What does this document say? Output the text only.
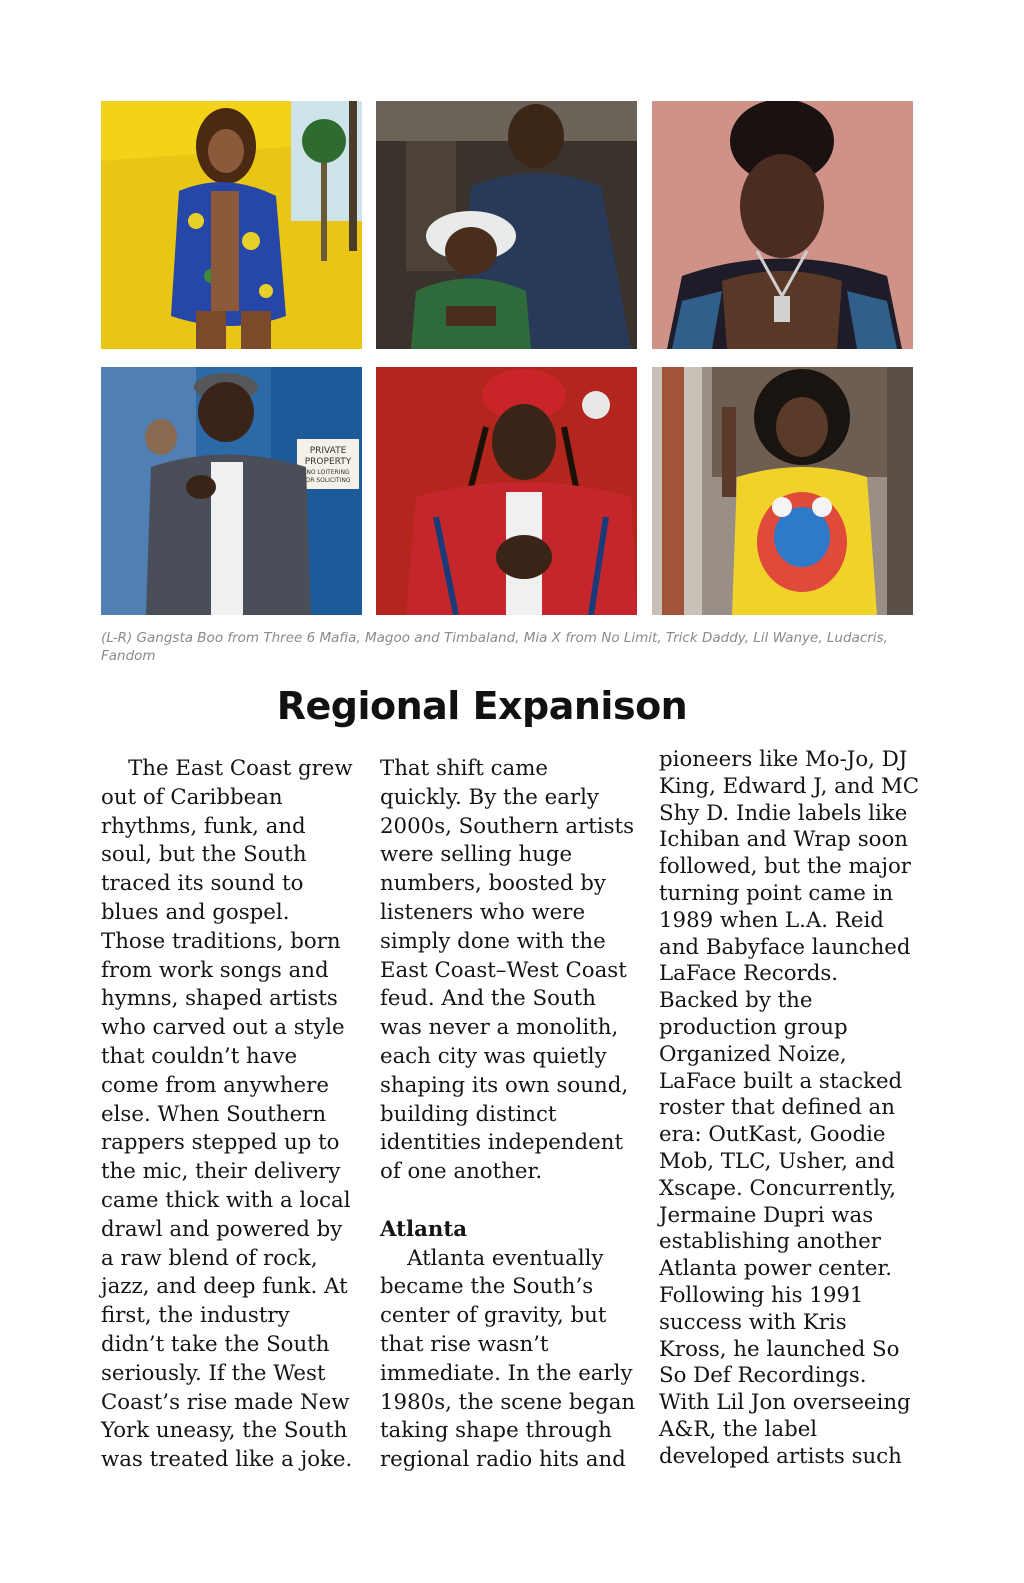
PRIVATE
PROPERTY
NO LOITERING
OR SOLICITING
(L-R) Gangsta Boo from Three 6 Mafia, Magoo and Timbaland, Mia X from No Limit, Trick Daddy, Lil Wanye, Ludacris, Fandom
Regional Expanison
The East Coast grew
out of Caribbean
rhythms, funk, and
soul, but the South
traced its sound to
blues and gospel.
Those traditions, born
from work songs and
hymns, shaped artists
who carved out a style
that couldn’t have
come from anywhere
else. When Southern
rappers stepped up to
the mic, their delivery
came thick with a local
drawl and powered by
a raw blend of rock,
jazz, and deep funk. At
first, the industry
didn’t take the South
seriously. If the West
Coast’s rise made New
York uneasy, the South
was treated like a joke.
That shift came
quickly. By the early
2000s, Southern artists
were selling huge
numbers, boosted by
listeners who were
simply done with the
East Coast–West Coast
feud. And the South
was never a monolith,
each city was quietly
shaping its own sound,
building distinct
identities independent
of one another.

Atlanta
Atlanta eventually
became the South’s
center of gravity, but
that rise wasn’t
immediate. In the early
1980s, the scene began
taking shape through
regional radio hits and
pioneers like Mo-Jo, DJ
King, Edward J, and MC
Shy D. Indie labels like
Ichiban and Wrap soon
followed, but the major
turning point came in
1989 when L.A. Reid
and Babyface launched
LaFace Records.
Backed by the
production group
Organized Noize,
LaFace built a stacked
roster that defined an
era: OutKast, Goodie
Mob, TLC, Usher, and
Xscape. Concurrently,
Jermaine Dupri was
establishing another
Atlanta power center.
Following his 1991
success with Kris
Kross, he launched So
So Def Recordings.
With Lil Jon overseeing
A&R, the label
developed artists such
